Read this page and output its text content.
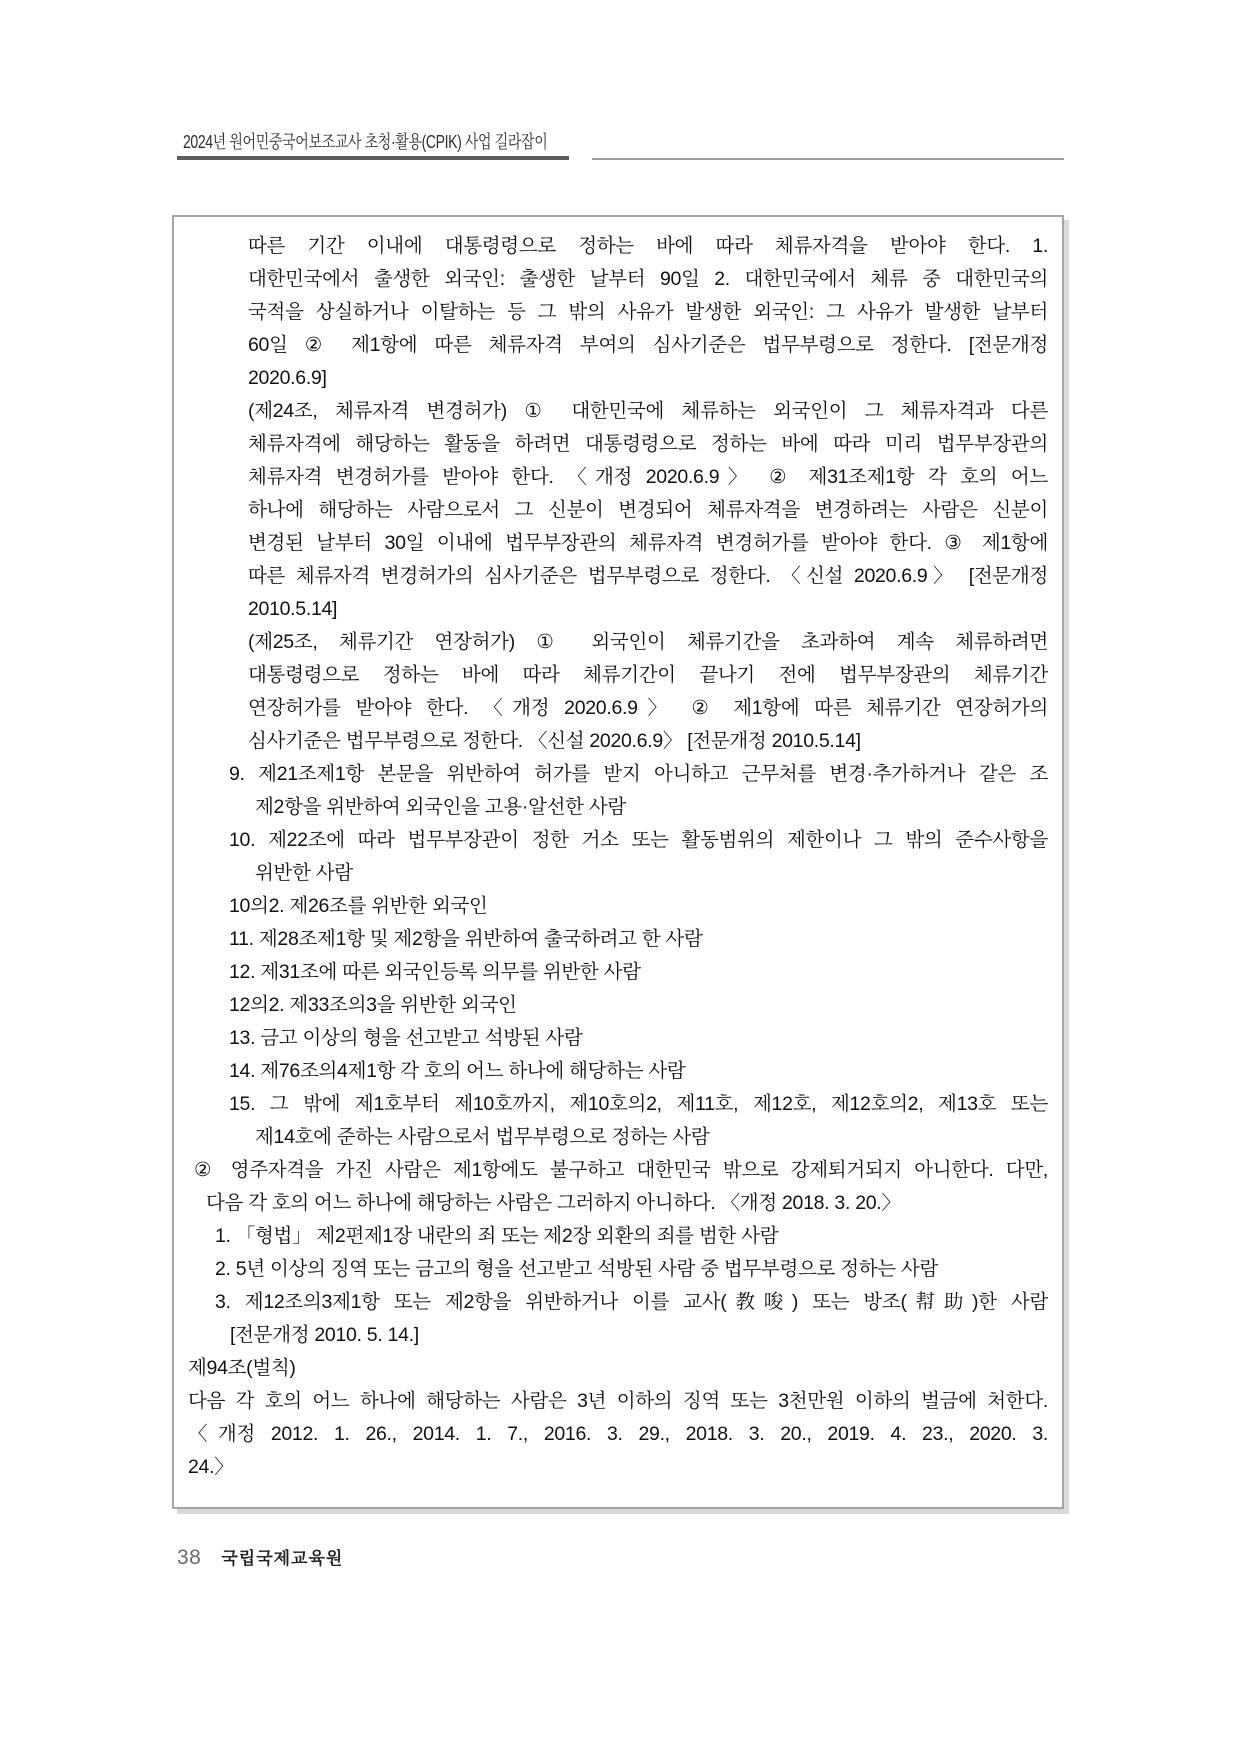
2024년 원어민중국어보조교사 초청·활용(CPIK) 사업 길라잡이
따른 기간 이내에 대통령령으로 정하는 바에 따라 체류자격을 받아야 한다. 1.
대한민국에서 출생한 외국인: 출생한 날부터 90일 2. 대한민국에서 체류 중 대한민국의
국적을 상실하거나 이탈하는 등 그 밖의 사유가 발생한 외국인: 그 사유가 발생한 날부터
60일 ② 제1항에 따른 체류자격 부여의 심사기준은 법무부령으로 정한다. [전문개정
2020.6.9]
(제24조, 체류자격 변경허가) ① 대한민국에 체류하는 외국인이 그 체류자격과 다른
체류자격에 해당하는 활동을 하려면 대통령령으로 정하는 바에 따라 미리 법무부장관의
체류자격 변경허가를 받아야 한다. 〈개정 2020.6.9〉 ② 제31조제1항 각 호의 어느
하나에 해당하는 사람으로서 그 신분이 변경되어 체류자격을 변경하려는 사람은 신분이
변경된 날부터 30일 이내에 법무부장관의 체류자격 변경허가를 받아야 한다. ③ 제1항에
따른 체류자격 변경허가의 심사기준은 법무부령으로 정한다. 〈신설 2020.6.9〉 [전문개정
2010.5.14]
(제25조, 체류기간 연장허가) ① 외국인이 체류기간을 초과하여 계속 체류하려면
대통령령으로 정하는 바에 따라 체류기간이 끝나기 전에 법무부장관의 체류기간
연장허가를 받아야 한다. 〈개정 2020.6.9〉 ② 제1항에 따른 체류기간 연장허가의
심사기준은 법무부령으로 정한다. 〈신설 2020.6.9〉 [전문개정 2010.5.14]
9. 제21조제1항 본문을 위반하여 허가를 받지 아니하고 근무처를 변경·추가하거나 같은 조
제2항을 위반하여 외국인을 고용·알선한 사람
10. 제22조에 따라 법무부장관이 정한 거소 또는 활동범위의 제한이나 그 밖의 준수사항을
위반한 사람
10의2. 제26조를 위반한 외국인
11. 제28조제1항 및 제2항을 위반하여 출국하려고 한 사람
12. 제31조에 따른 외국인등록 의무를 위반한 사람
12의2. 제33조의3을 위반한 외국인
13. 금고 이상의 형을 선고받고 석방된 사람
14. 제76조의4제1항 각 호의 어느 하나에 해당하는 사람
15. 그 밖에 제1호부터 제10호까지, 제10호의2, 제11호, 제12호, 제12호의2, 제13호 또는
제14호에 준하는 사람으로서 법무부령으로 정하는 사람
② 영주자격을 가진 사람은 제1항에도 불구하고 대한민국 밖으로 강제퇴거되지 아니한다. 다만,
다음 각 호의 어느 하나에 해당하는 사람은 그러하지 아니하다. 〈개정 2018. 3. 20.〉
1. 「형법」 제2편제1장 내란의 죄 또는 제2장 외환의 죄를 범한 사람
2. 5년 이상의 징역 또는 금고의 형을 선고받고 석방된 사람 중 법무부령으로 정하는 사람
3. 제12조의3제1항 또는 제2항을 위반하거나 이를 교사(教唆) 또는 방조(幇助)한 사람
[전문개정 2010. 5. 14.]
제94조(벌칙)
다음 각 호의 어느 하나에 해당하는 사람은 3년 이하의 징역 또는 3천만원 이하의 벌금에 처한다.
〈개정 2012. 1. 26., 2014. 1. 7., 2016. 3. 29., 2018. 3. 20., 2019. 4. 23., 2020. 3.
24.〉
38 국립국제교육원
